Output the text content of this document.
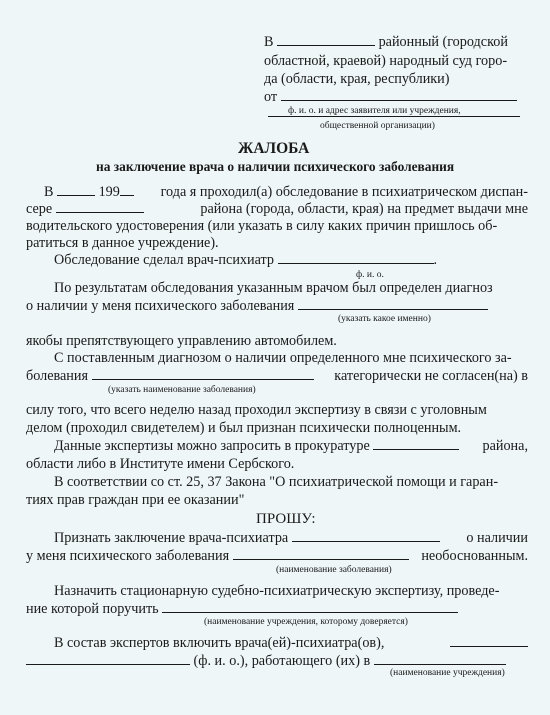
В	районный (городской
областной, краевой) народный суд горо-
да (области, края, республики)
от
ф. и. о. и адрес заявителя или учреждения,
общественной организации)
ЖАЛОБА
на заключение врача о наличии психического заболевания
В	199	года я проходил(а) обследование в психиатрическом диспан-
сере	района (города, области, края) на предмет выдачи мне
водительского удостоверения (или указать в силу каких причин пришлось об-
ратиться в данное учреждение).
Обследование сделал врач-психиатр	.
ф. и. о.
По результатам обследования указанным врачом был определен диагноз
о наличии у меня психического заболевания
(указать какое именно)
якобы препятствующего управлению автомобилем.
С поставленным диагнозом о наличии определенного мне психического за-
болевания	категорически не согласен(на) в
(указать наименование заболевания)
силу того, что всего неделю назад проходил экспертизу в связи с уголовным
делом (проходил свидетелем) и был признан психически полноценным.
Данные экспертизы можно запросить в прокуратуре	района,
области либо в Институте имени Сербского.
В соответствии со ст. 25, 37 Закона "О психиатрической помощи и гаран-
тиях прав граждан при ее оказании"
ПРОШУ:
Признать заключение врача-психиатра	о наличии
у меня психического заболевания	необоснованным.
(наименование заболевания)
Назначить стационарную судебно-психиатрическую экспертизу, проведе-
ние которой поручить
(наименование учреждения, которому доверяется)
В состав экспертов включить врача(ей)-психиатра(ов),
(ф. и. о.), работающего (их) в
(наименование учреждения)
